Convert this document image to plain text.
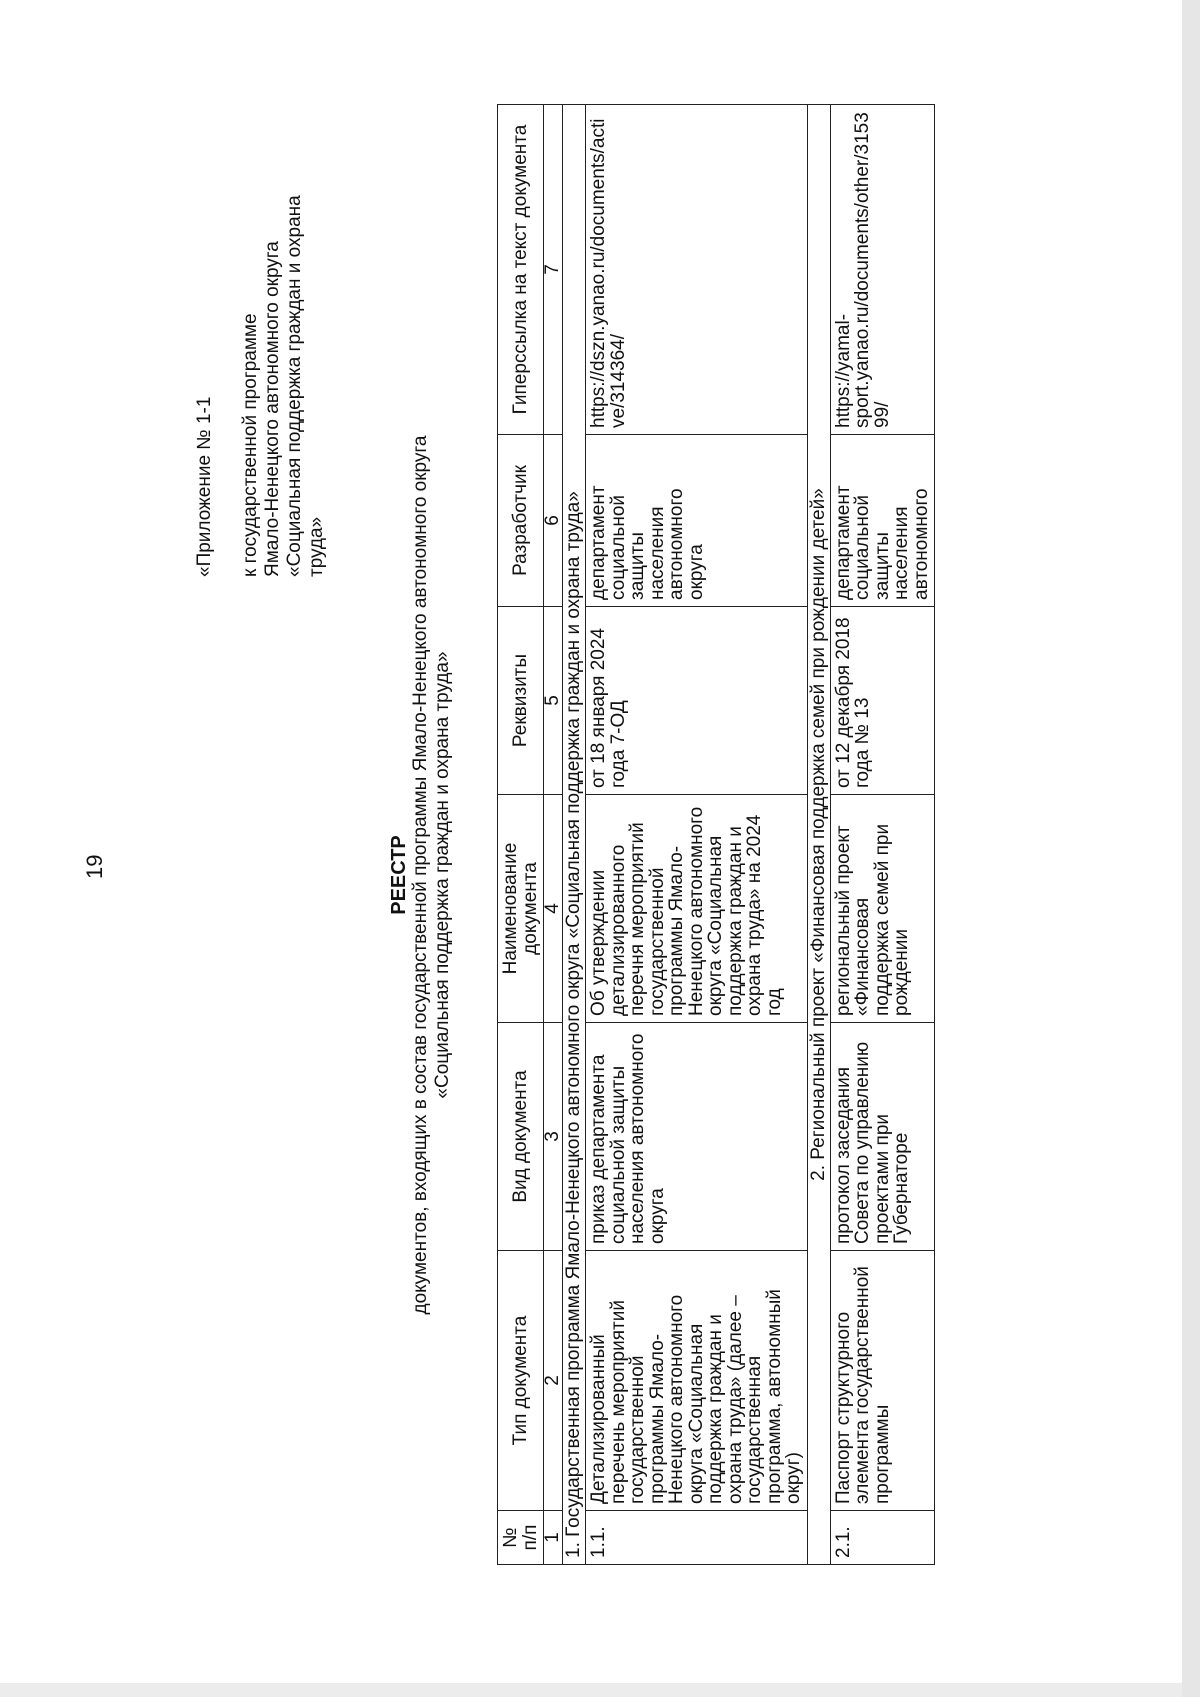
19
«Приложение № 1-1 к государственной программе Ямало-Ненецкого автономного округа «Социальная поддержка граждан и охрана труда»
РЕЕСТР документов, входящих в состав государственной программы Ямало-Ненецкого автономного округа «Социальная поддержка граждан и охрана труда»
№ п/п	Тип документа	Вид документа	Наименование документа	Реквизиты	Разработчик	Гиперссылка на текст документа
1	2	3	4	5	6	7
1. Государственная программа Ямало-Ненецкого автономного округа «Социальная поддержка граждан и охрана труда»						
1.1.	Детализированный перечень мероприятий государственной программы Ямало-Ненецкого автономного округа «Социальная поддержка граждан и охрана труда» (далее – государственная программа, автономный округ)	приказ департамента социальной защиты населения автономного округа	Об утверждении детализированного перечня мероприятий государственной программы Ямало-Ненецкого автономного округа «Социальная поддержка граждан и охрана труда» на 2024 год	от 18 января 2024 года 7-ОД	департамент социальной защиты населения автономного округа	https://dszn.yanao.ru/documents/active/314364/
2. Региональный проект «Финансовая поддержка семей при рождении детей»						
2.1.	Паспорт структурного элемента государственной программы	протокол заседания Совета по управлению проектами при Губернаторе	региональный проект «Финансовая поддержка семей при рождении	от 12 декабря 2018 года № 13	департамент социальной защиты населения автономного	https://yamal-sport.yanao.ru/documents/other/315399/
